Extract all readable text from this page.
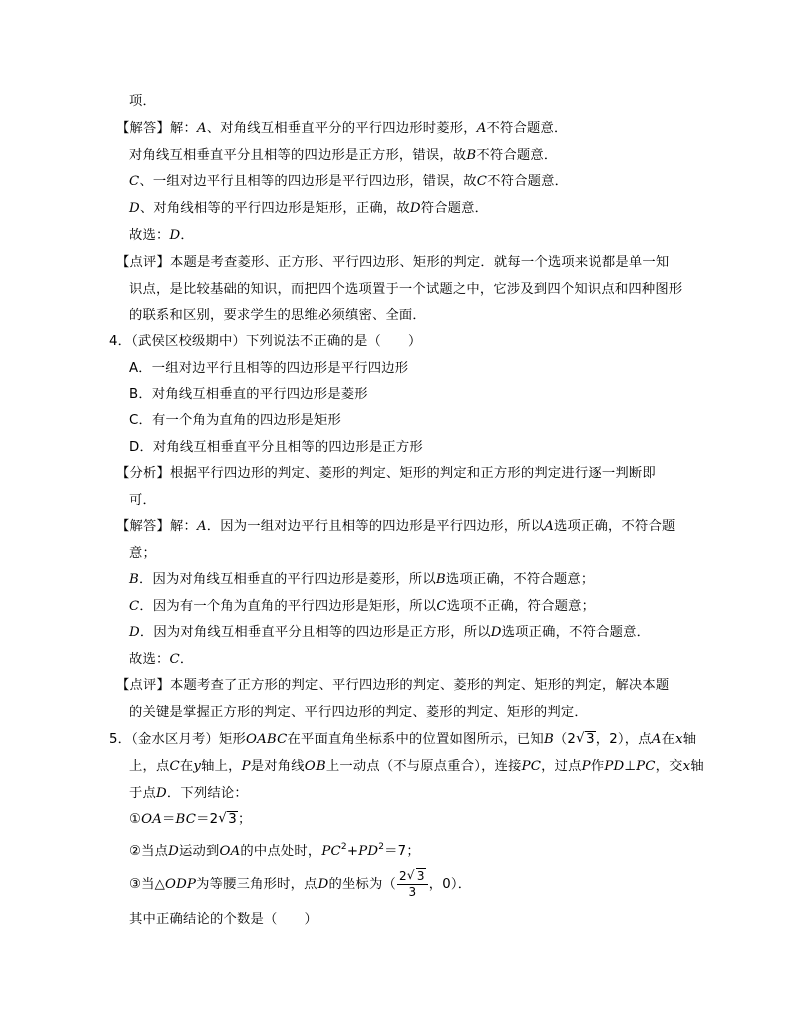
项．
【解答】解：A、对角线互相垂直平分的平行四边形时菱形，A不符合题意．
对角线互相垂直平分且相等的四边形是正方形，错误，故B不符合题意．
C、一组对边平行且相等的四边形是平行四边形，错误，故C不符合题意．
D、对角线相等的平行四边形是矩形，正确，故D符合题意．
故选：D．
【点评】本题是考查菱形、正方形、平行四边形、矩形的判定．就每一个选项来说都是单一知
识点，是比较基础的知识，而把四个选项置于一个试题之中，它涉及到四个知识点和四种图形
的联系和区别，要求学生的思维必须缜密、全面．
4．（武侯区校级期中）下列说法不正确的是（　　）
A．一组对边平行且相等的四边形是平行四边形
B．对角线互相垂直的平行四边形是菱形
C．有一个角为直角的四边形是矩形
D．对角线互相垂直平分且相等的四边形是正方形
【分析】根据平行四边形的判定、菱形的判定、矩形的判定和正方形的判定进行逐一判断即
可．
【解答】解：A．因为一组对边平行且相等的四边形是平行四边形，所以A选项正确，不符合题
意；
B．因为对角线互相垂直的平行四边形是菱形，所以B选项正确，不符合题意；
C．因为有一个角为直角的平行四边形是矩形，所以C选项不正确，符合题意；
D．因为对角线互相垂直平分且相等的四边形是正方形，所以D选项正确，不符合题意．
故选：C．
【点评】本题考查了正方形的判定、平行四边形的判定、菱形的判定、矩形的判定，解决本题
的关键是掌握正方形的判定、平行四边形的判定、菱形的判定、矩形的判定．
5．（金水区月考）矩形OABC在平面直角坐标系中的位置如图所示，已知B（2 √ 3，2），点A在x轴
上，点C在y轴上，P是对角线OB上一动点（不与原点重合），连接PC，过点P作PD⊥PC，交x轴
于点D．下列结论：
①OA＝BC＝2 √ 3；
②当点D运动到OA的中点处时，$PC^2+PD^2=7$；
③当△ODP为等腰三角形时，点D的坐标为（ $\frac{2 √ 3}{3}$ ，0）．
其中正确结论的个数是（　　）
